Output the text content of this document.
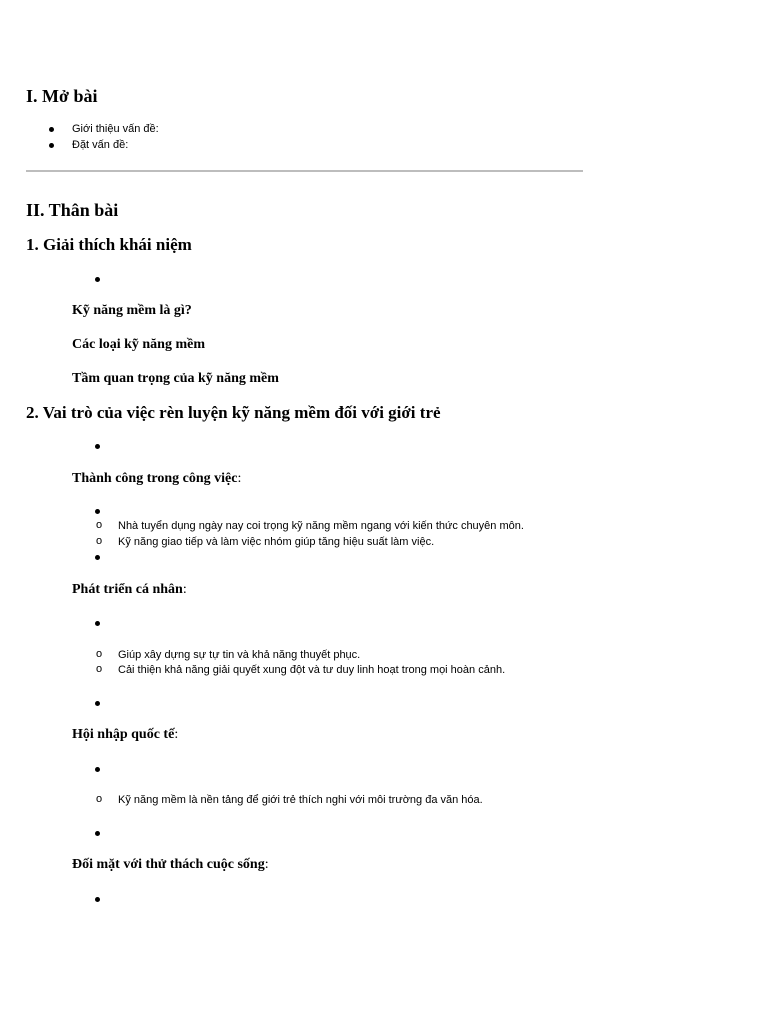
I. Mở bài
Giới thiệu vấn đề:
Đặt vấn đề:
II. Thân bài
1. Giải thích khái niệm
Kỹ năng mềm là gì?
Các loại kỹ năng mềm
Tầm quan trọng của kỹ năng mềm
2. Vai trò của việc rèn luyện kỹ năng mềm đối với giới trẻ
Thành công trong công việc:
o Nhà tuyển dụng ngày nay coi trọng kỹ năng mềm ngang với kiến thức chuyên môn.
o Kỹ năng giao tiếp và làm việc nhóm giúp tăng hiệu suất làm việc.
Phát triển cá nhân:
o Giúp xây dựng sự tự tin và khả năng thuyết phục.
o Cải thiện khả năng giải quyết xung đột và tư duy linh hoạt trong mọi hoàn cảnh.
Hội nhập quốc tế:
o Kỹ năng mềm là nền tảng để giới trẻ thích nghi với môi trường đa văn hóa.
Đối mặt với thử thách cuộc sống:
